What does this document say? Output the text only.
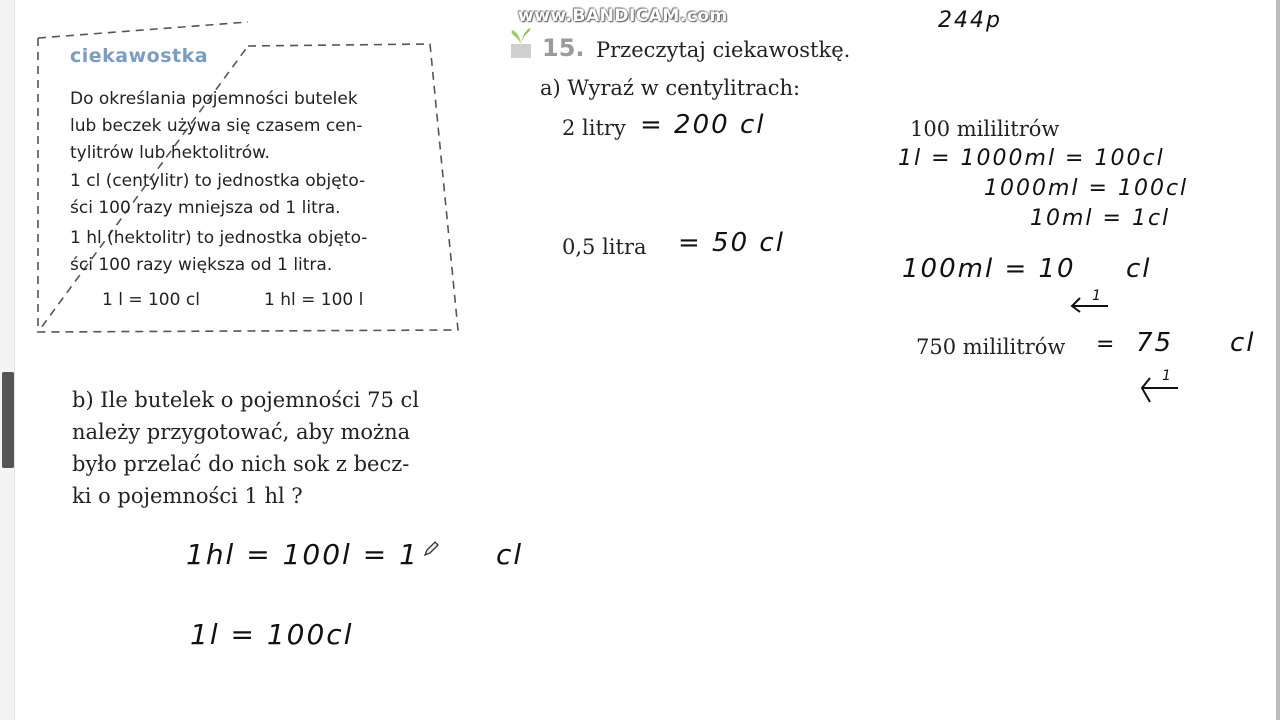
www.BANDICAM.com	244p
ciekawostka
Do określania pojemności butelek
lub beczek używa się czasem cen-
tylitrów lub hektolitrów.
1 cl (centylitr) to jednostka objęto-
ści 100 razy mniejsza od 1 litra.
1 hl (hektolitr) to jednostka objęto-
ści 100 razy większa od 1 litra.
1 l = 100 cl	1 hl = 100 l
15. Przeczytaj ciekawostkę.
a) Wyraź w centylitrach:
2 litry = 200 cl
0,5 litra = 50 cl
100 mililitrów
1l = 1000ml = 100cl
1000ml = 100cl
10ml = 1cl
100ml = 10 cl
1
750 mililitrów = 75 cl
1
b) Ile butelek o pojemności 75 cl
należy przygotować, aby można
było przelać do nich sok z becz-
ki o pojemności 1 hl ?
1hl = 100l = 1	cl
1l = 100cl
